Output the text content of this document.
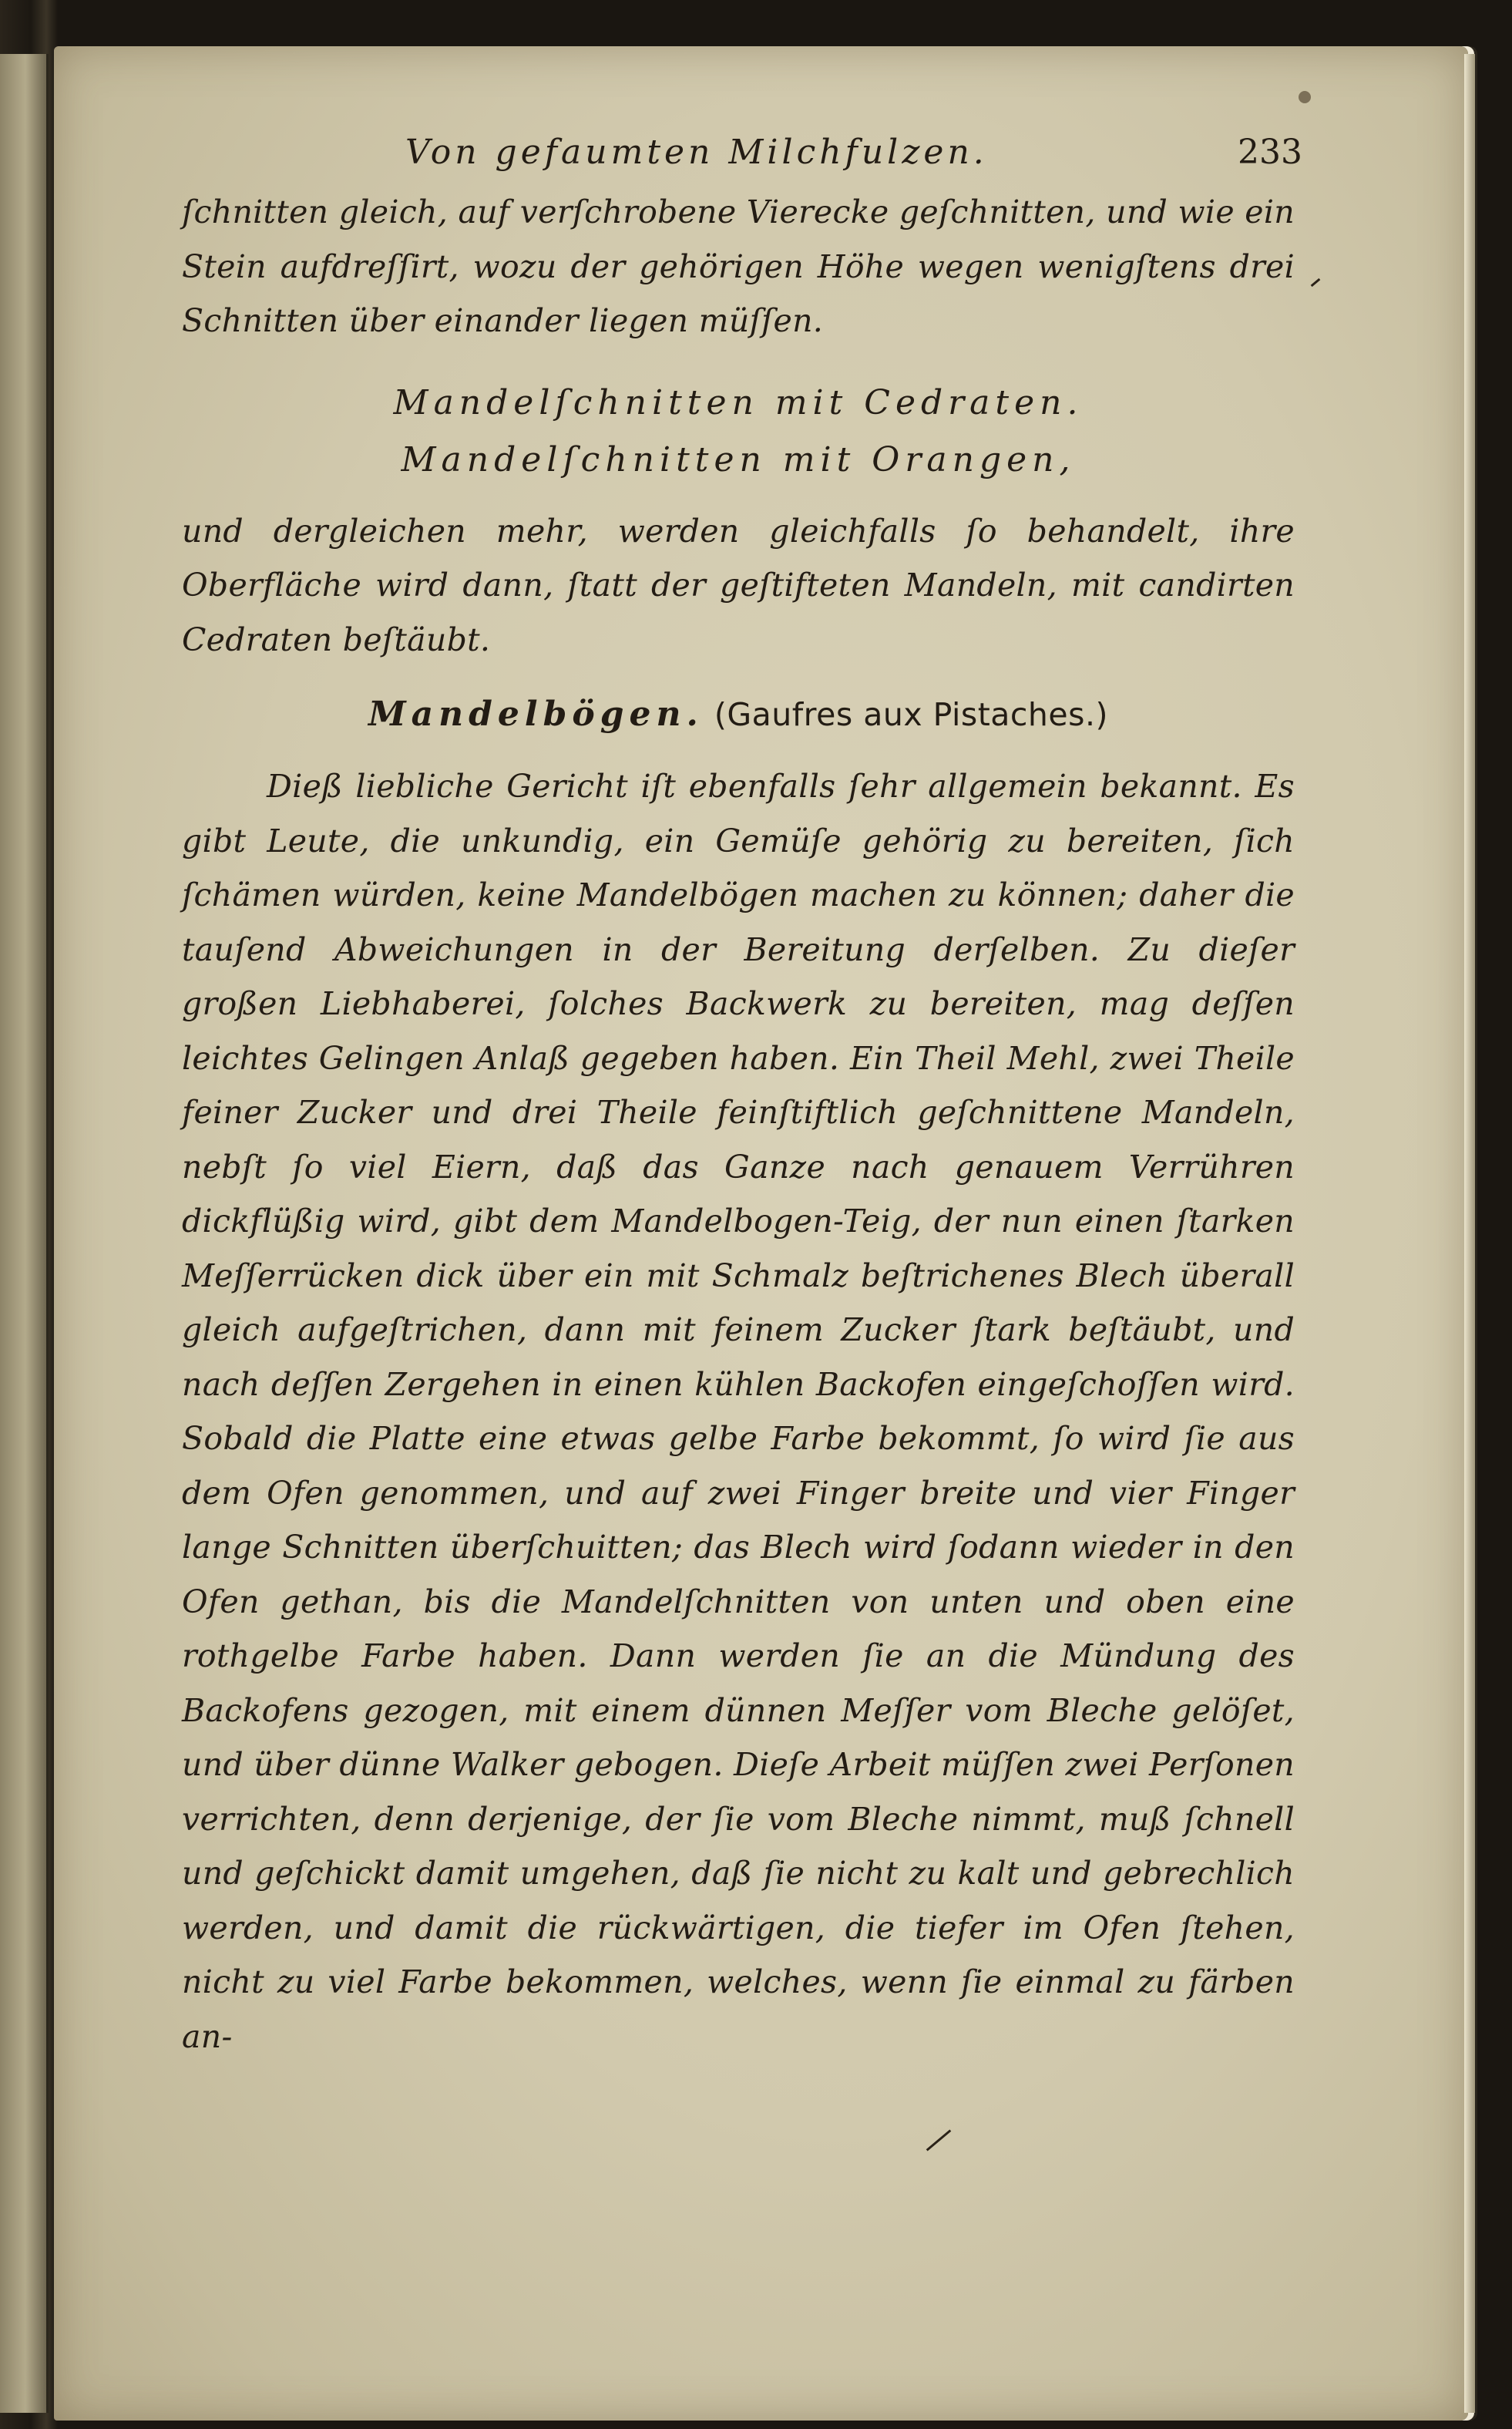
Von gefaumten Milchfulzen.	233

ſchnitten gleich, auf verſchrobene Vierecke geſchnitten, und wie ein Stein aufdreſſirt, wozu der gehörigen Höhe wegen wenigſtens drei Schnitten über einander liegen müſſen.

Mandelſchnitten mit Cedraten.

Mandelſchnitten mit Orangen,

und dergleichen mehr, werden gleichfalls ſo behandelt, ihre Oberfläche wird dann, ſtatt der geſtifteten Mandeln, mit candirten Cedraten beſtäubt.

Mandelbögen. (Gaufres aux Pistaches.)

Dieß liebliche Gericht iſt ebenfalls ſehr allgemein bekannt. Es gibt Leute, die unkundig, ein Gemüſe gehörig zu bereiten, ſich ſchämen würden, keine Mandelbögen machen zu können; daher die tauſend Abweichungen in der Bereitung derſelben. Zu dieſer großen Liebhaberei, ſolches Backwerk zu bereiten, mag deſſen leichtes Gelingen Anlaß gegeben haben. Ein Theil Mehl, zwei Theile feiner Zucker und drei Theile feinſtiftlich geſchnittene Mandeln, nebſt ſo viel Eiern, daß das Ganze nach genauem Verrühren dickflüßig wird, gibt dem Mandelbogen-Teig, der nun einen ſtarken Meſſerrücken dick über ein mit Schmalz beſtrichenes Blech überall gleich aufgeſtrichen, dann mit feinem Zucker ſtark beſtäubt, und nach deſſen Zergehen in einen kühlen Backofen eingeſchoſſen wird. Sobald die Platte eine etwas gelbe Farbe bekommt, ſo wird ſie aus dem Ofen genommen, und auf zwei Finger breite und vier Finger lange Schnitten überſchuitten; das Blech wird ſodann wieder in den Ofen gethan, bis die Mandelſchnitten von unten und oben eine rothgelbe Farbe haben. Dann werden ſie an die Mündung des Backofens gezogen, mit einem dünnen Meſſer vom Bleche gelöſet, und über dünne Walker gebogen. Dieſe Arbeit müſſen zwei Perſonen verrichten, denn derjenige, der ſie vom Bleche nimmt, muß ſchnell und geſchickt damit umgehen, daß ſie nicht zu kalt und gebrechlich werden, und damit die rückwärtigen, die tiefer im Ofen ſtehen, nicht zu viel Farbe bekommen, welches, wenn ſie einmal zu färben an-
